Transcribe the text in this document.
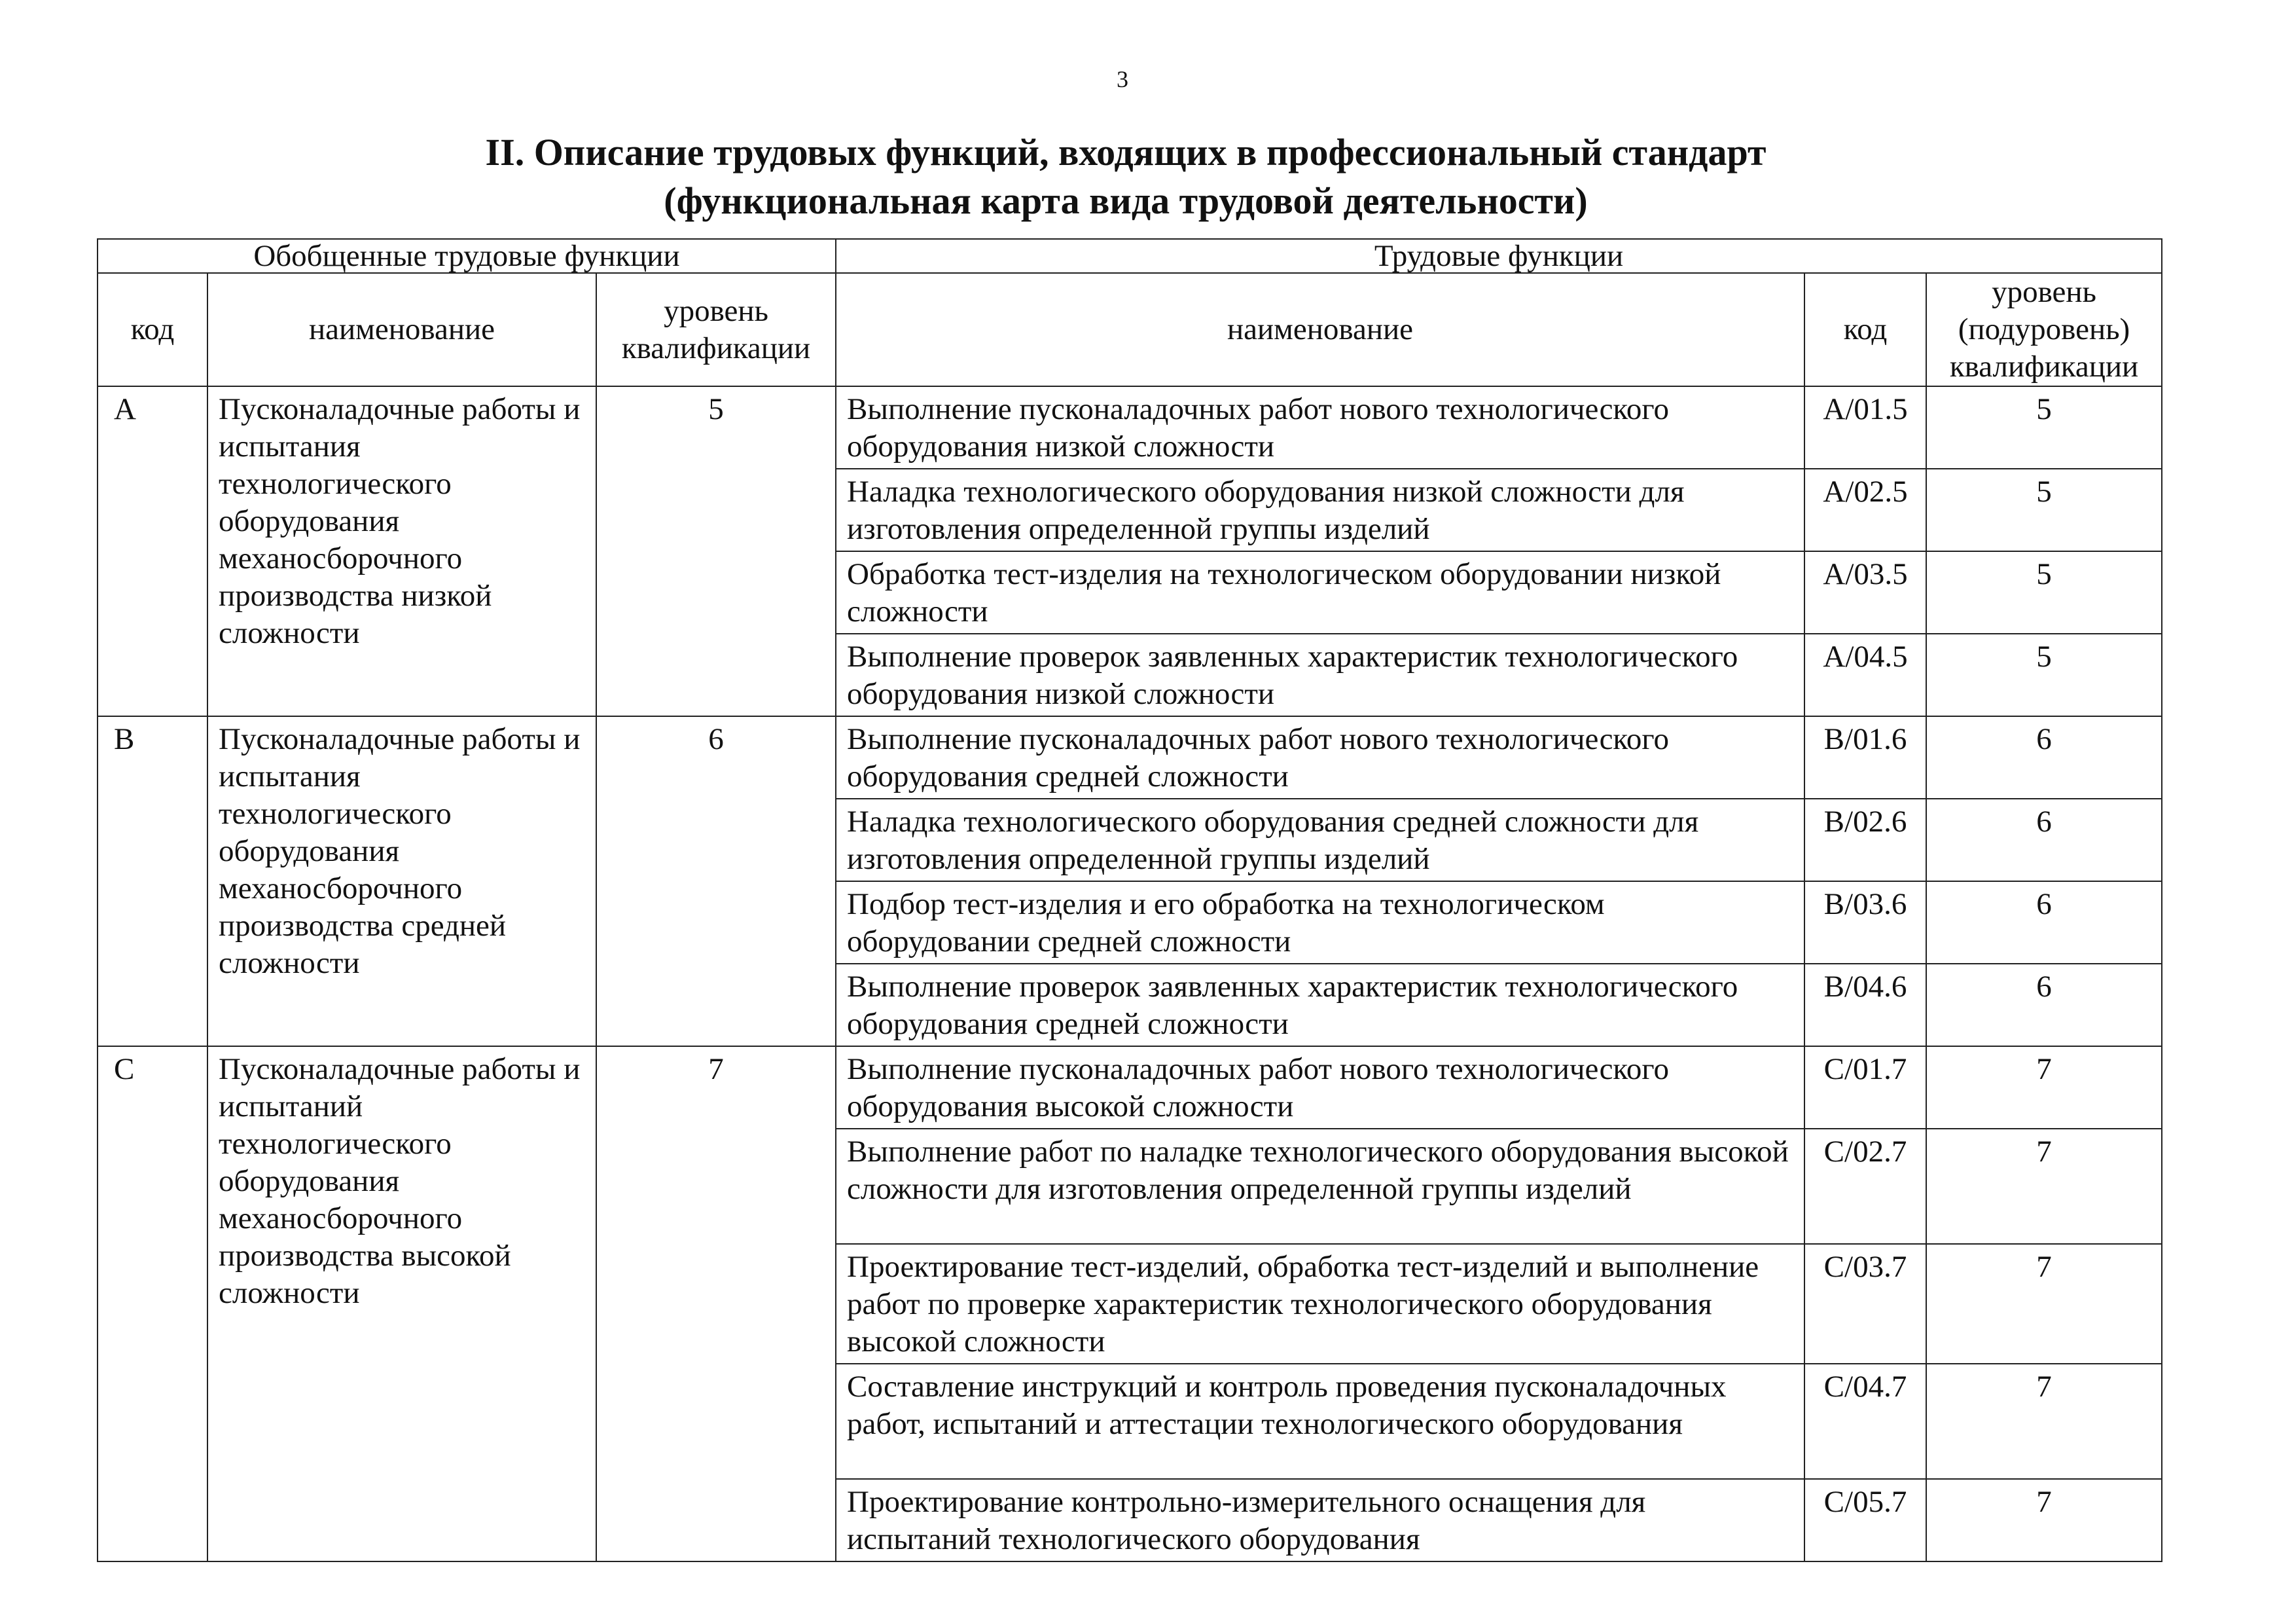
3
II. Описание трудовых функций, входящих в профессиональный стандарт
(функциональная карта вида трудовой деятельности)
Обобщенные трудовые функции			Трудовые функции		
код	наименование	уровень квалификации	наименование	код	уровень (подуровень) квалификации
A	Пусконаладочные работы и испытания технологического оборудования механосборочного производства низкой сложности	5	Выполнение пусконаладочных работ нового технологического оборудования низкой сложности	A/01.5	5
			Наладка технологического оборудования низкой сложности для изготовления определенной группы изделий	A/02.5	5
			Обработка тест-изделия на технологическом оборудовании низкой сложности	A/03.5	5
			Выполнение проверок заявленных характеристик технологического оборудования низкой сложности	A/04.5	5
B	Пусконаладочные работы и испытания технологического оборудования механосборочного производства средней сложности	6	Выполнение пусконаладочных работ нового технологического оборудования средней сложности	B/01.6	6
			Наладка технологического оборудования средней сложности для изготовления определенной группы изделий	B/02.6	6
			Подбор тест-изделия и его обработка на технологическом оборудовании средней сложности	B/03.6	6
			Выполнение проверок заявленных характеристик технологического оборудования средней сложности	B/04.6	6
C	Пусконаладочные работы и испытаний технологического оборудования механосборочного производства высокой сложности	7	Выполнение пусконаладочных работ нового технологического оборудования высокой сложности	C/01.7	7
			Выполнение работ по наладке технологического оборудования высокой сложности для изготовления определенной группы изделий	C/02.7	7
			Проектирование тест-изделий, обработка тест-изделий и выполнение работ по проверке характеристик технологического оборудования высокой сложности	C/03.7	7
			Составление инструкций и контроль проведения пусконаладочных работ, испытаний и аттестации технологического оборудования	C/04.7	7
			Проектирование контрольно-измерительного оснащения для испытаний технологического оборудования	C/05.7	7
